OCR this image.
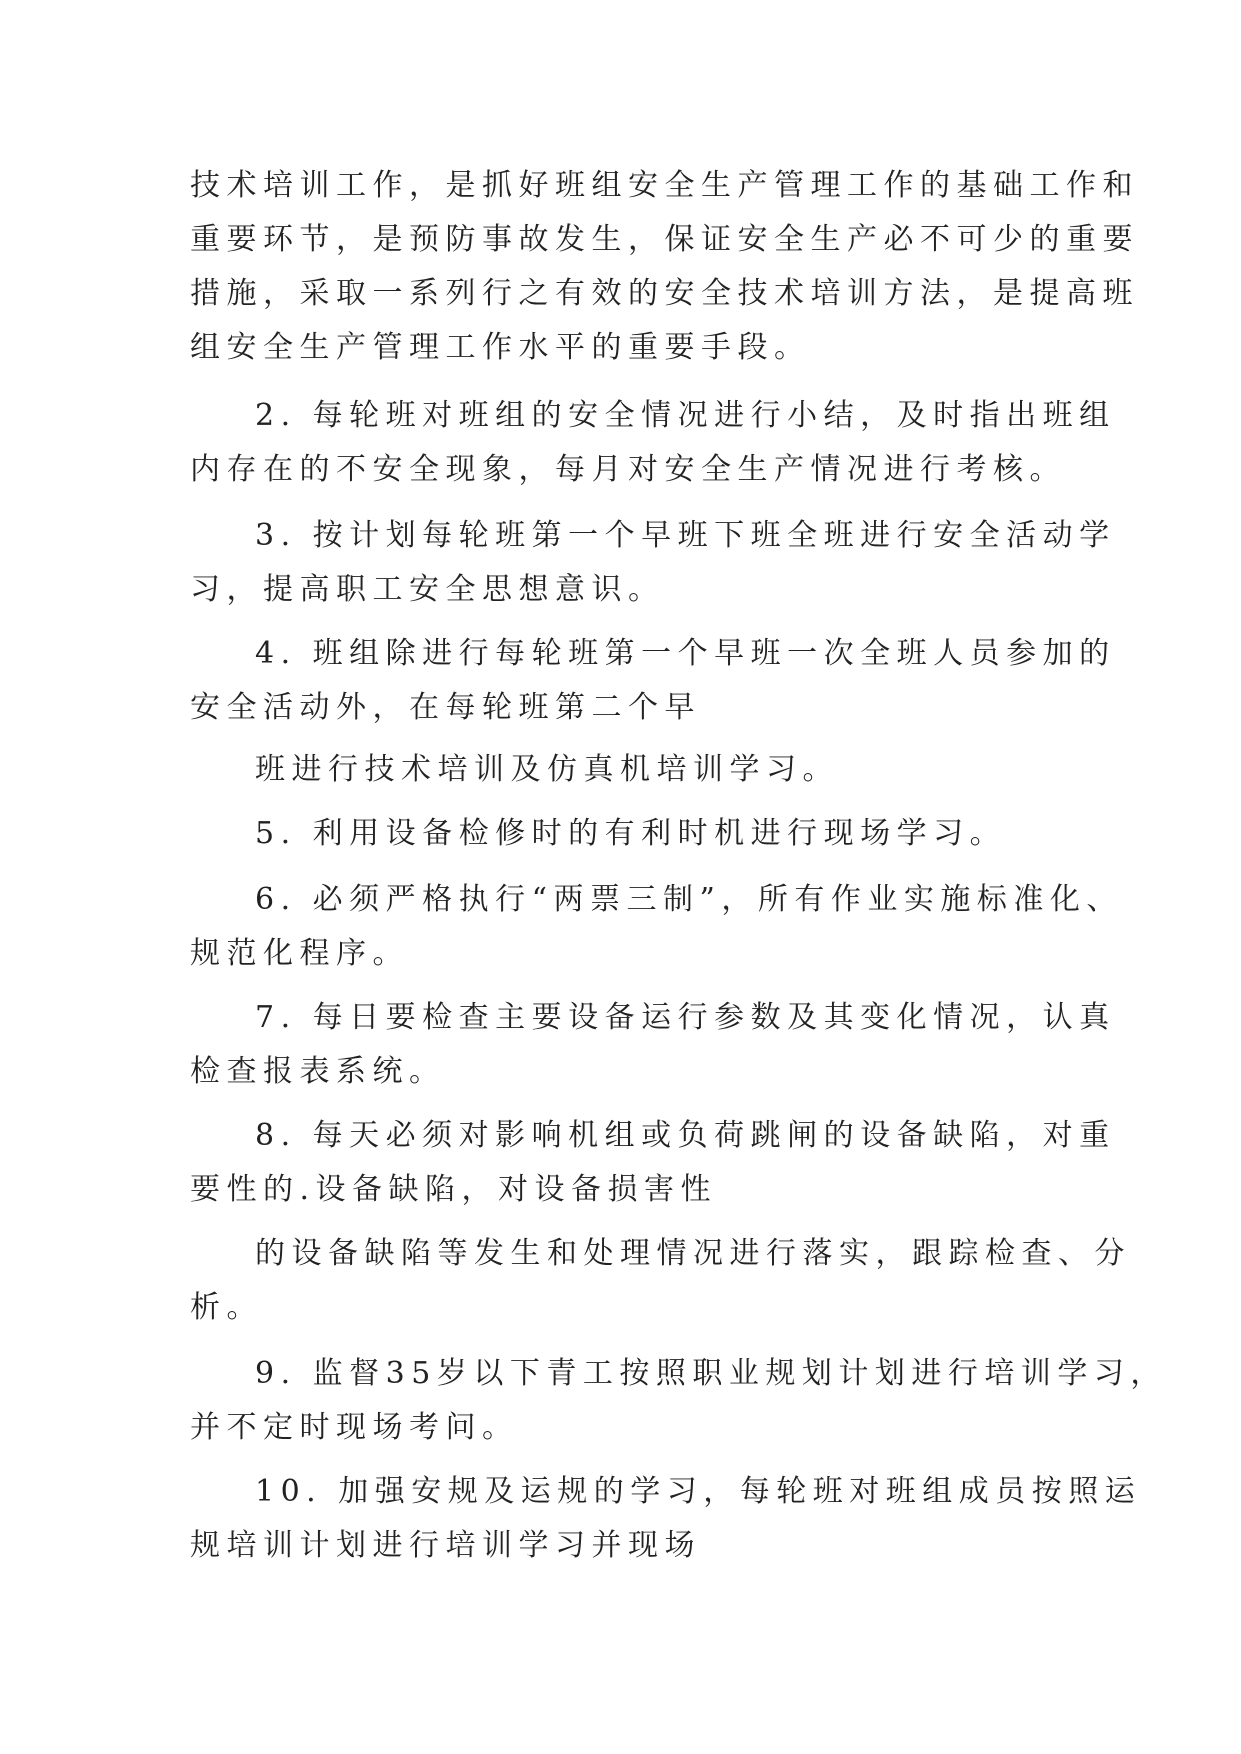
技术培训工作，是抓好班组安全生产管理工作的基础工作和
重要环节，是预防事故发生，保证安全生产必不可少的重要
措施，采取一系列行之有效的安全技术培训方法，是提高班
组安全生产管理工作水平的重要手段。
2. 每轮班对班组的安全情况进行小结，及时指出班组
内存在的不安全现象，每月对安全生产情况进行考核。
3. 按计划每轮班第一个早班下班全班进行安全活动学
习，提高职工安全思想意识。
4. 班组除进行每轮班第一个早班一次全班人员参加的
安全活动外，在每轮班第二个早
班进行技术培训及仿真机培训学习。
5. 利用设备检修时的有利时机进行现场学习。
6. 必须严格执行“两票三制”，所有作业实施标准化、
规范化程序。
7. 每日要检查主要设备运行参数及其变化情况，认真
检查报表系统。
8. 每天必须对影响机组或负荷跳闸的设备缺陷，对重
要性的.设备缺陷，对设备损害性
的设备缺陷等发生和处理情况进行落实，跟踪检查、分
析。
9. 监督35岁以下青工按照职业规划计划进行培训学习，
并不定时现场考问。
10. 加强安规及运规的学习，每轮班对班组成员按照运
规培训计划进行培训学习并现场
